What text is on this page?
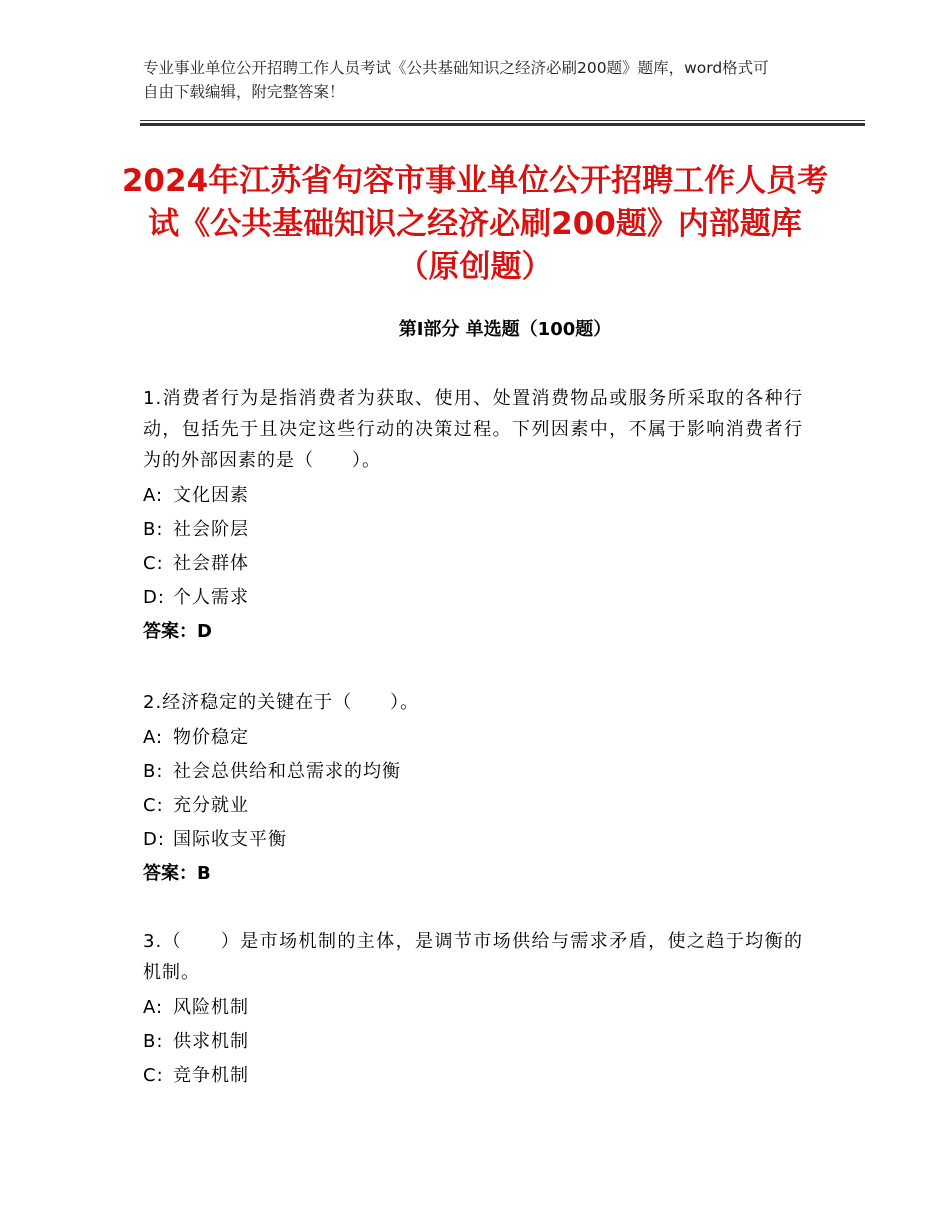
专业事业单位公开招聘工作人员考试《公共基础知识之经济必刷200题》题库，word格式可自由下载编辑，附完整答案！
2024年江苏省句容市事业单位公开招聘工作人员考试《公共基础知识之经济必刷200题》内部题库（原创题）
第Ⅰ部分 单选题（100题）

1.消费者行为是指消费者为获取、使用、处置消费物品或服务所采取的各种行动，包括先于且决定这些行动的决策过程。下列因素中，不属于影响消费者行为的外部因素的是（　　）。

A: 文化因素
B: 社会阶层
C: 社会群体
D: 个人需求
答案：D

2.经济稳定的关键在于（　　）。

A: 物价稳定
B: 社会总供给和总需求的均衡
C: 充分就业
D: 国际收支平衡
答案：B

3.（　　）是市场机制的主体，是调节市场供给与需求矛盾，使之趋于均衡的机制。

A: 风险机制
B: 供求机制
C: 竞争机制
